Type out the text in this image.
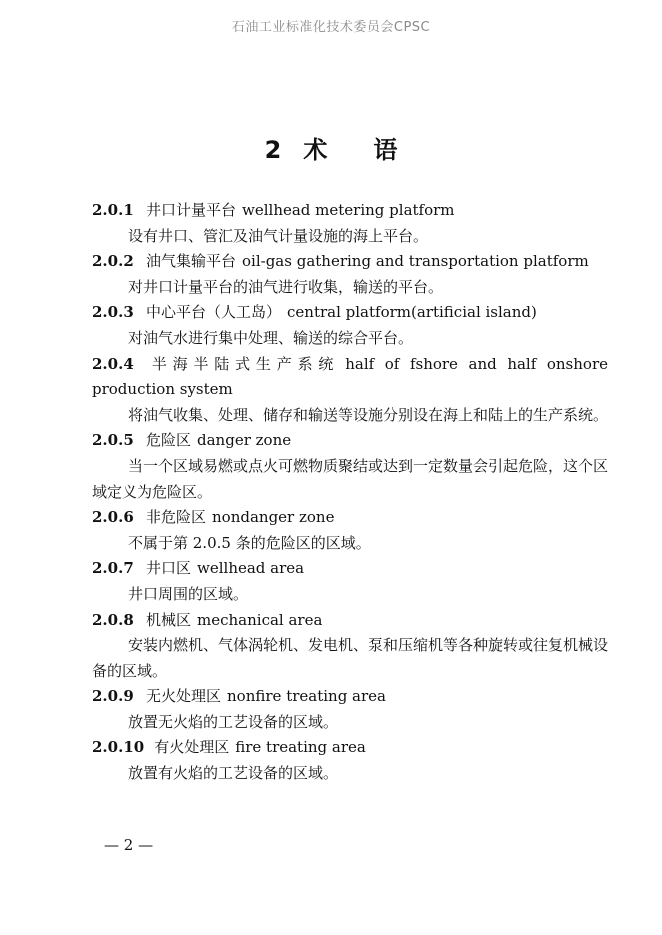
石油工业标准化技术委员会CPSC
2 术 语

2.0.1 井口计量平台 wellhead metering platform

设有井口、管汇及油气计量设施的海上平台。

2.0.2 油气集输平台 oil-gas gathering and transportation platform

对井口计量平台的油气进行收集，输送的平台。

2.0.3 中心平台（人工岛） central platform(artificial island)

对油气水进行集中处理、输送的综合平台。

2.0.4 半海半陆式生产系统 half of fshore and half onshore production system

将油气收集、处理、储存和输送等设施分别设在海上和陆上的生产系统。

2.0.5 危险区 danger zone

当一个区域易燃或点火可燃物质聚结或达到一定数量会引起危险，这个区域定义为危险区。

2.0.6 非危险区 nondanger zone

不属于第 2.0.5 条的危险区的区域。

2.0.7 井口区 wellhead area

井口周围的区域。

2.0.8 机械区 mechanical area

安装内燃机、气体涡轮机、发电机、泵和压缩机等各种旋转或往复机械设备的区域。

2.0.9 无火处理区 nonfire treating area

放置无火焰的工艺设备的区域。

2.0.10 有火处理区 fire treating area

放置有火焰的工艺设备的区域。

— 2 —
